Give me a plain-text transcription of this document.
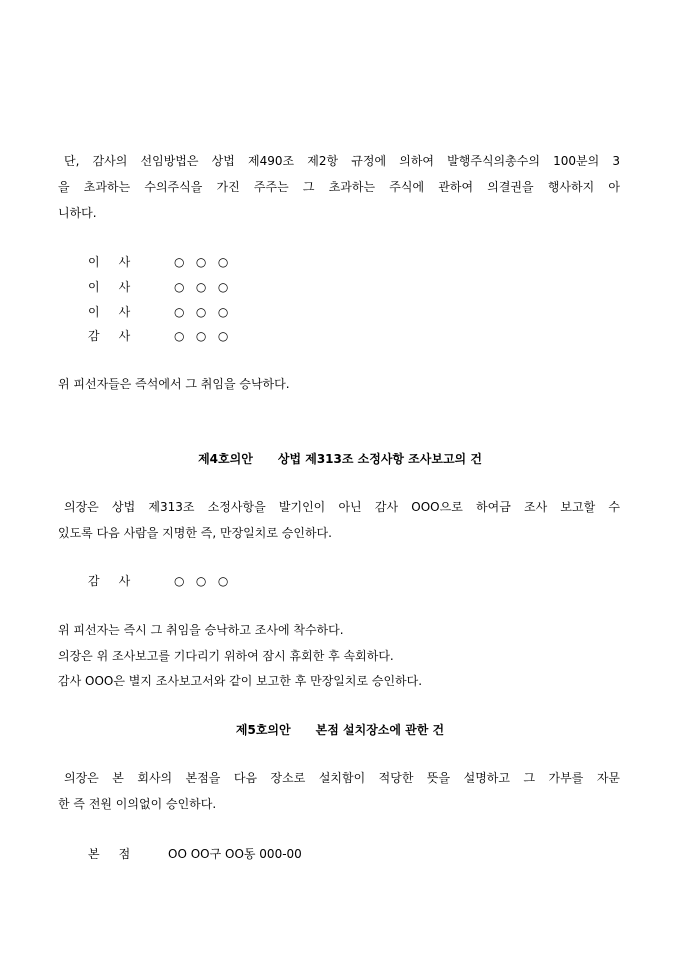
단, 감사의 선임방법은 상법 제490조 제2항 규정에 의하여 발행주식의총수의 100분의 3
을 초과하는 수의주식을 가진 주주는 그 초과하는 주식에 관하여 의결권을 행사하지 아
니하다.
이     사	○   ○   ○
이     사	○   ○   ○
이     사	○   ○   ○
감     사	○   ○   ○
위 피선자들은 즉석에서 그 취임을 승낙하다.
제4호의안      상법 제313조 소정사항 조사보고의 건
의장은 상법 제313조 소정사항을 발기인이 아닌 감사 OOO으로 하여금 조사 보고할 수
있도록 다음 사람을 지명한 즉, 만장일치로 승인하다.
감     사	○   ○   ○
위 피선자는 즉시 그 취임을 승낙하고 조사에 착수하다.
의장은 위 조사보고를 기다리기 위하여 잠시 휴회한 후 속회하다.
감사 OOO은 별지 조사보고서와 같이 보고한 후 만장일치로 승인하다.
제5호의안      본점 설치장소에 관한 건
의장은 본 회사의 본점을 다음 장소로 설치함이 적당한 뜻을 설명하고 그 가부를 자문
한 즉 전원 이의없이 승인하다.
본     점	OO OO구 OO동 000-00
